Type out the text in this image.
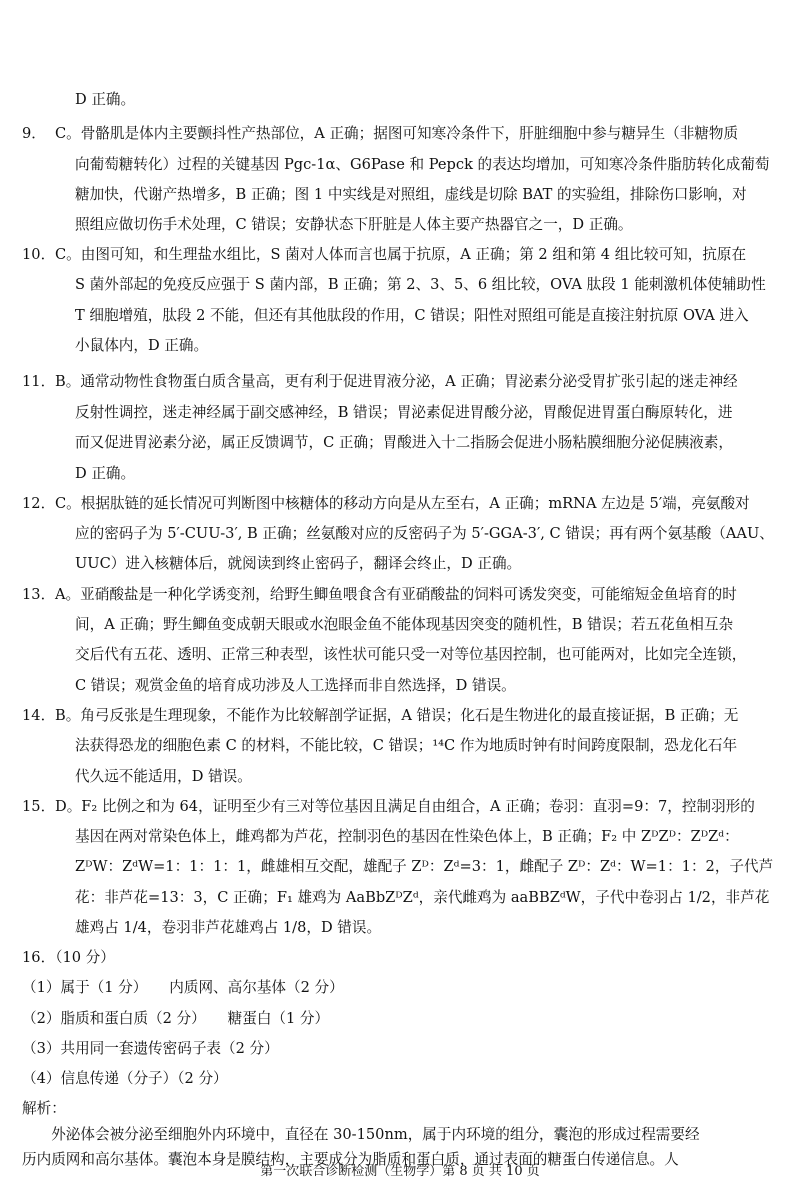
D 正确。
9． C。骨骼肌是体内主要颤抖性产热部位，A 正确；据图可知寒冷条件下，肝脏细胞中参与糖异生（非糖物质
向葡萄糖转化）过程的关键基因 Pgc-1α、G6Pase 和 Pepck 的表达均增加，可知寒冷条件脂肪转化成葡萄
糖加快，代谢产热增多，B 正确；图 1 中实线是对照组，虚线是切除 BAT 的实验组，排除伤口影响，对
照组应做切伤手术处理，C 错误；安静状态下肝脏是人体主要产热器官之一，D 正确。
10． C。由图可知，和生理盐水组比，S 菌对人体而言也属于抗原，A 正确；第 2 组和第 4 组比较可知，抗原在
S 菌外部起的免疫反应强于 S 菌内部，B 正确；第 2、3、5、6 组比较，OVA 肽段 1 能刺激机体使辅助性
T 细胞增殖，肽段 2 不能，但还有其他肽段的作用，C 错误；阳性对照组可能是直接注射抗原 OVA 进入
小鼠体内，D 正确。
11． B。通常动物性食物蛋白质含量高，更有利于促进胃液分泌，A 正确；胃泌素分泌受胃扩张引起的迷走神经
反射性调控，迷走神经属于副交感神经，B 错误；胃泌素促进胃酸分泌，胃酸促进胃蛋白酶原转化，进
而又促进胃泌素分泌，属正反馈调节，C 正确；胃酸进入十二指肠会促进小肠粘膜细胞分泌促胰液素，
D 正确。
12． C。根据肽链的延长情况可判断图中核糖体的移动方向是从左至右，A 正确；mRNA 左边是 5′端，亮氨酸对
应的密码子为 5′-CUU-3′, B 正确；丝氨酸对应的反密码子为 5′-GGA-3′, C 错误；再有两个氨基酸（AAU、
UUC）进入核糖体后，就阅读到终止密码子，翻译会终止，D 正确。
13． A。亚硝酸盐是一种化学诱变剂，给野生鲫鱼喂食含有亚硝酸盐的饲料可诱发突变，可能缩短金鱼培育的时
间，A 正确；野生鲫鱼变成朝天眼或水泡眼金鱼不能体现基因突变的随机性，B 错误；若五花鱼相互杂
交后代有五花、透明、正常三种表型，该性状可能只受一对等位基因控制，也可能两对，比如完全连锁，
C 错误；观赏金鱼的培育成功涉及人工选择而非自然选择，D 错误。
14． B。角弓反张是生理现象，不能作为比较解剖学证据，A 错误；化石是生物进化的最直接证据，B 正确；无
法获得恐龙的细胞色素 C 的材料，不能比较，C 错误；¹⁴C 作为地质时钟有时间跨度限制，恐龙化石年
代久远不能适用，D 错误。
15． D。F₂ 比例之和为 64，证明至少有三对等位基因且满足自由组合，A 正确；卷羽：直羽=9：7，控制羽形的
基因在两对常染色体上，雌鸡都为芦花，控制羽色的基因在性染色体上，B 正确；F₂ 中 ZᴰZᴰ：ZᴰZᵈ：
ZᴰW：ZᵈW=1：1：1：1，雌雄相互交配，雄配子 Zᴰ：Zᵈ=3：1，雌配子 Zᴰ：Zᵈ：W=1：1：2，子代芦
花：非芦花=13：3，C 正确；F₁ 雄鸡为 AaBbZᴰZᵈ，亲代雌鸡为 aaBBZᵈW，子代中卷羽占 1/2，非芦花
雄鸡占 1/4，卷羽非芦花雄鸡占 1/8，D 错误。
16．（10 分）
（1）属于（1 分）　　内质网、高尔基体（2 分）
（2）脂质和蛋白质（2 分）　　糖蛋白（1 分）
（3）共用同一套遗传密码子表（2 分）
（4）信息传递（分子）（2 分）
解析：
　　外泌体会被分泌至细胞外内环境中，直径在 30-150nm，属于内环境的组分，囊泡的形成过程需要经
历内质网和高尔基体。囊泡本身是膜结构，主要成分为脂质和蛋白质，通过表面的糖蛋白传递信息。人
第一次联合诊断检测（生物学）第 8 页 共 10 页
